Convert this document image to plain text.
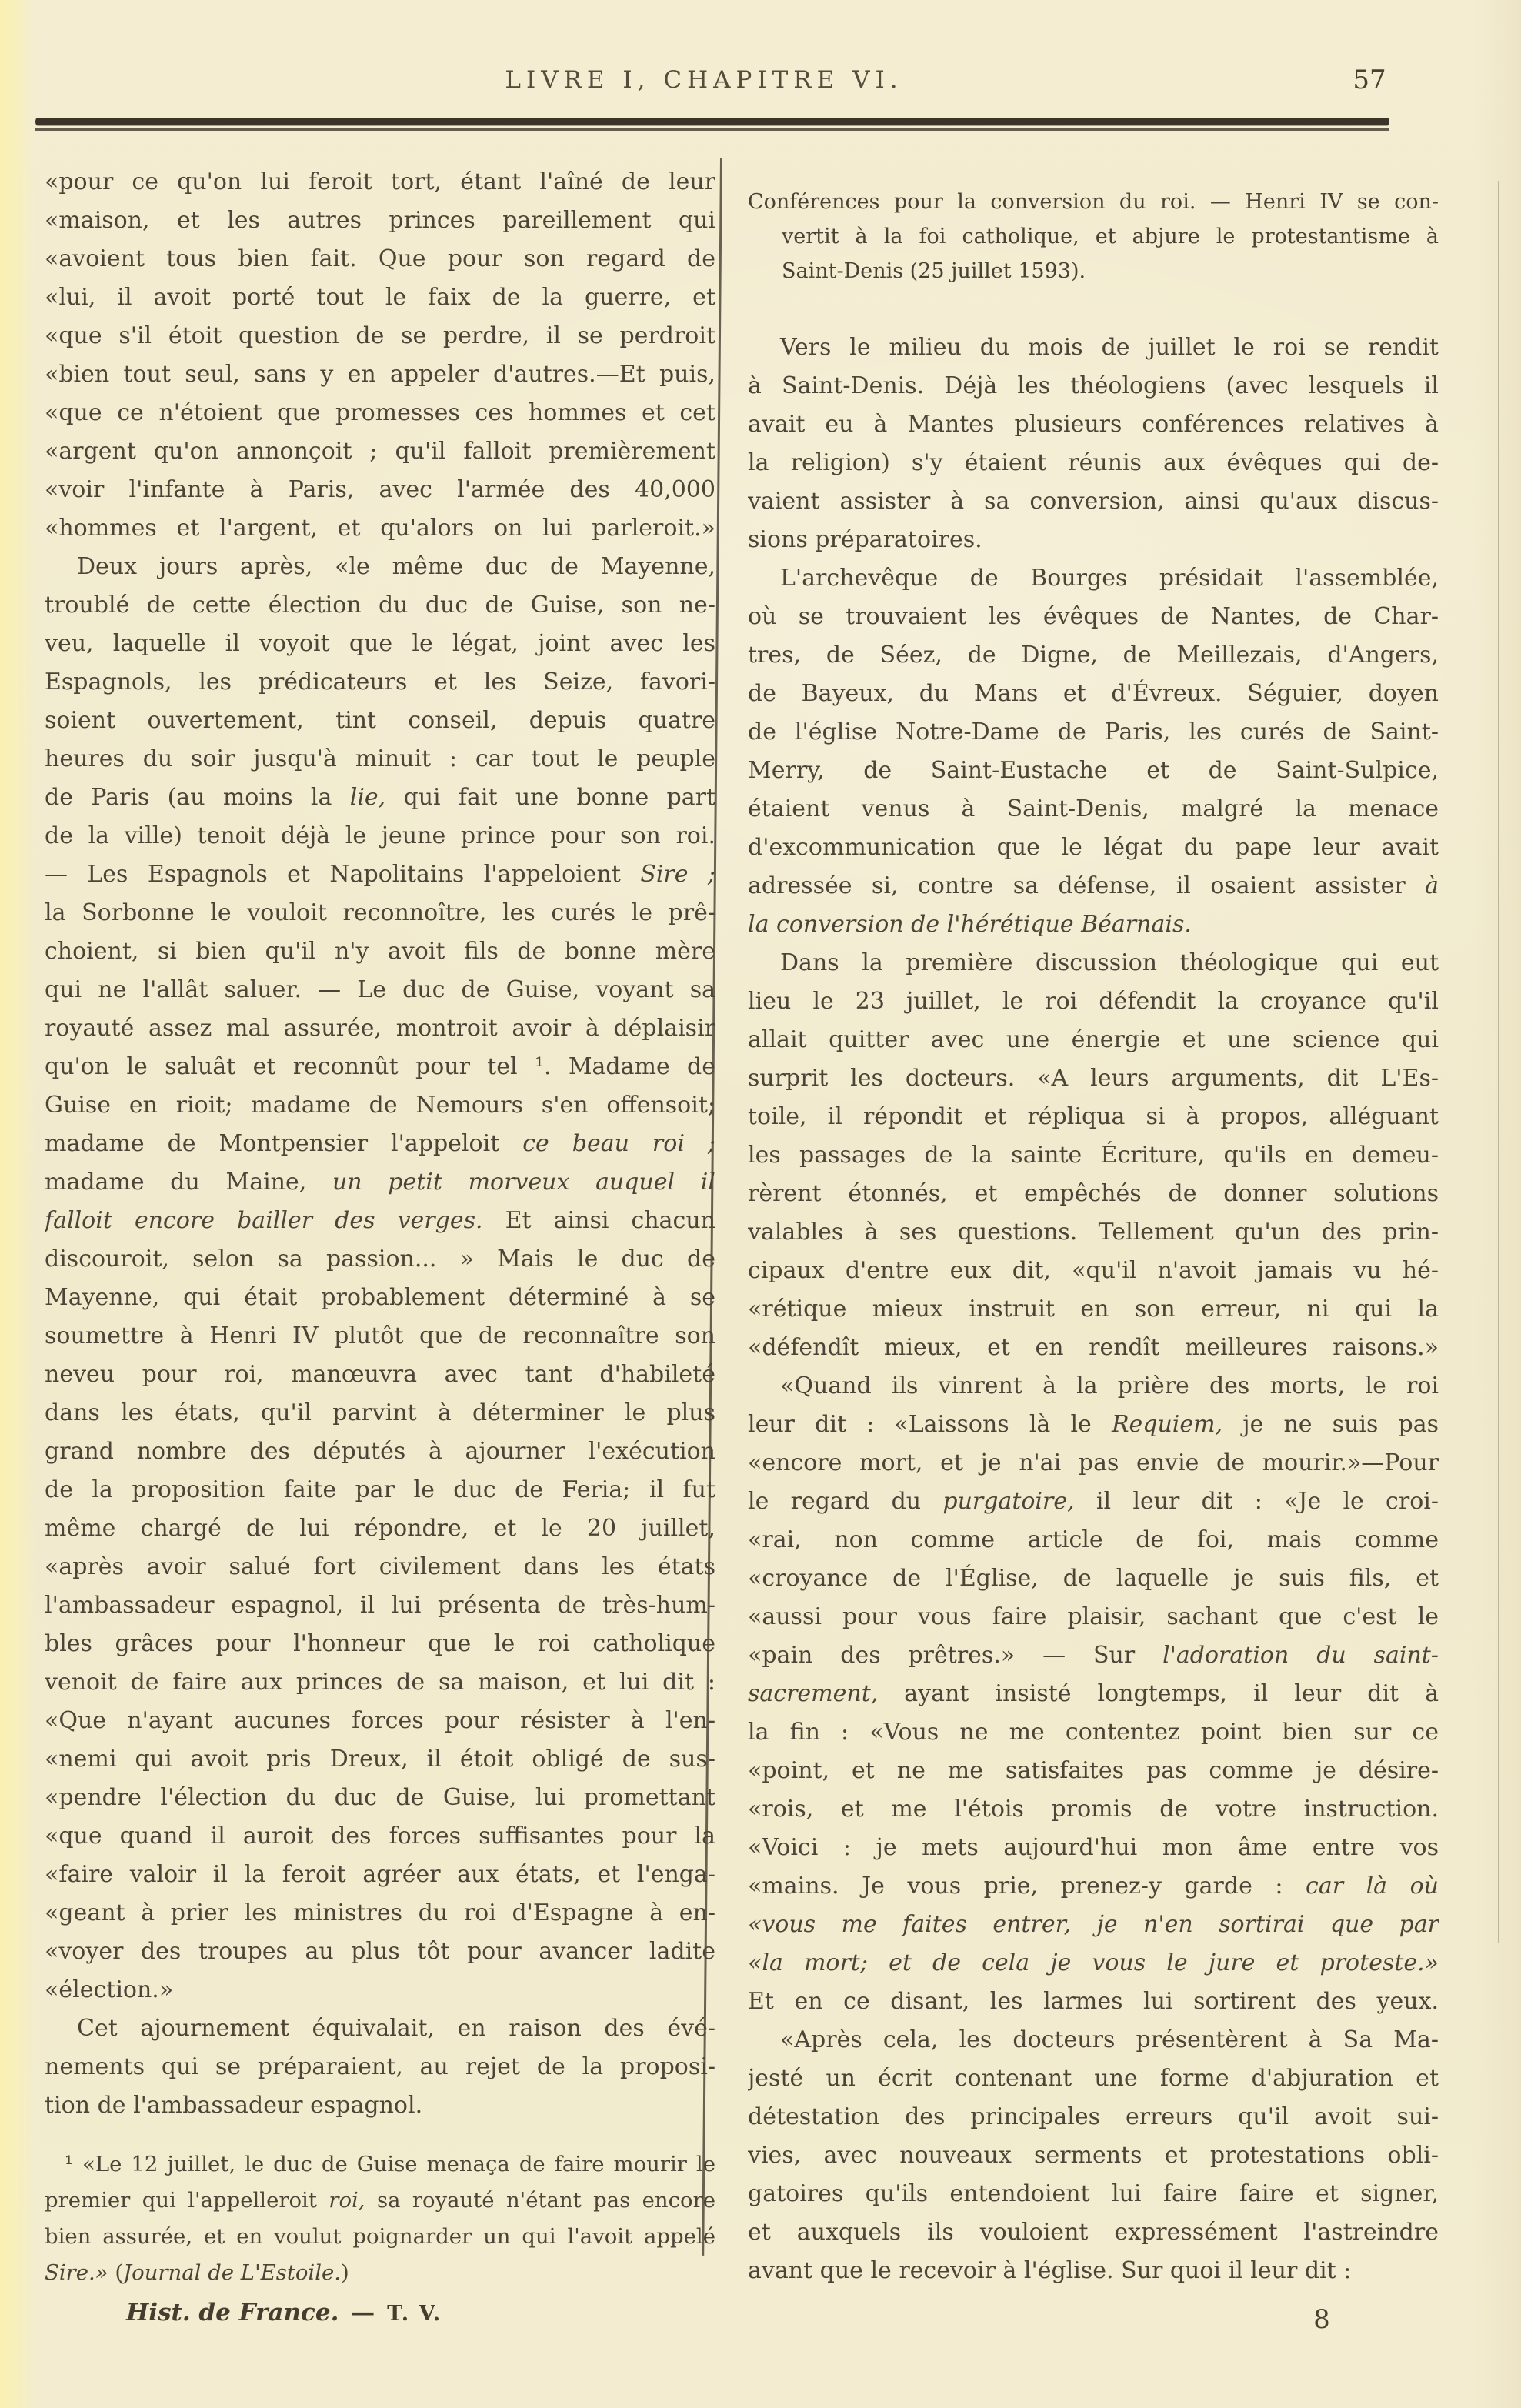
LIVRE I, CHAPITRE VI.	57
«pour ce qu'on lui feroit tort, étant l'aîné de leur
«maison, et les autres princes pareillement qui
«avoient tous bien fait. Que pour son regard de
«lui, il avoit porté tout le faix de la guerre, et
«que s'il étoit question de se perdre, il se perdroit
«bien tout seul, sans y en appeler d'autres.—Et puis,
«que ce n'étoient que promesses ces hommes et cet
«argent qu'on annonçoit ; qu'il falloit premièrement
«voir l'infante à Paris, avec l'armée des 40,000
«hommes et l'argent, et qu'alors on lui parleroit.»
Deux jours après, «le même duc de Mayenne,
troublé de cette élection du duc de Guise, son ne-
veu, laquelle il voyoit que le légat, joint avec les
Espagnols, les prédicateurs et les Seize, favori-
soient ouvertement, tint conseil, depuis quatre
heures du soir jusqu'à minuit : car tout le peuple
de Paris (au moins la lie, qui fait une bonne part
de la ville) tenoit déjà le jeune prince pour son roi.
— Les Espagnols et Napolitains l'appeloient Sire ;
la Sorbonne le vouloit reconnoître, les curés le prê-
choient, si bien qu'il n'y avoit fils de bonne mère
qui ne l'allât saluer. — Le duc de Guise, voyant sa
royauté assez mal assurée, montroit avoir à déplaisir
qu'on le saluât et reconnût pour tel ¹. Madame de
Guise en rioit; madame de Nemours s'en offensoit;
madame de Montpensier l'appeloit ce beau roi ;
madame du Maine, un petit morveux auquel il
falloit encore bailler des verges. Et ainsi chacun
discouroit, selon sa passion... » Mais le duc de
Mayenne, qui était probablement déterminé à se
soumettre à Henri IV plutôt que de reconnaître son
neveu pour roi, manœuvra avec tant d'habileté
dans les états, qu'il parvint à déterminer le plus
grand nombre des députés à ajourner l'exécution
de la proposition faite par le duc de Feria; il fut
même chargé de lui répondre, et le 20 juillet,
«après avoir salué fort civilement dans les états
l'ambassadeur espagnol, il lui présenta de très-hum-
bles grâces pour l'honneur que le roi catholique
venoit de faire aux princes de sa maison, et lui dit :
«Que n'ayant aucunes forces pour résister à l'en-
«nemi qui avoit pris Dreux, il étoit obligé de sus-
«pendre l'élection du duc de Guise, lui promettant
«que quand il auroit des forces suffisantes pour la
«faire valoir il la feroit agréer aux états, et l'enga-
«geant à prier les ministres du roi d'Espagne à en-
«voyer des troupes au plus tôt pour avancer ladite
«élection.»
Cet ajournement équivalait, en raison des évé-
nements qui se préparaient, au rejet de la proposi-
tion de l'ambassadeur espagnol.
¹ «Le 12 juillet, le duc de Guise menaça de faire mourir le
premier qui l'appelleroit roi, sa royauté n'étant pas encore
bien assurée, et en voulut poignarder un qui l'avoit appelé
Sire.» (Journal de L'Estoile.)
Hist. de France. — T. V.
Conférences pour la conversion du roi. — Henri IV se con-
vertit à la foi catholique, et abjure le protestantisme à
Saint-Denis (25 juillet 1593).
Vers le milieu du mois de juillet le roi se rendit
à Saint-Denis. Déjà les théologiens (avec lesquels il
avait eu à Mantes plusieurs conférences relatives à
la religion) s'y étaient réunis aux évêques qui de-
vaient assister à sa conversion, ainsi qu'aux discus-
sions préparatoires.
L'archevêque de Bourges présidait l'assemblée,
où se trouvaient les évêques de Nantes, de Char-
tres, de Séez, de Digne, de Meillezais, d'Angers,
de Bayeux, du Mans et d'Évreux. Séguier, doyen
de l'église Notre-Dame de Paris, les curés de Saint-
Merry, de Saint-Eustache et de Saint-Sulpice,
étaient venus à Saint-Denis, malgré la menace
d'excommunication que le légat du pape leur avait
adressée si, contre sa défense, il osaient assister à
la conversion de l'hérétique Béarnais.
Dans la première discussion théologique qui eut
lieu le 23 juillet, le roi défendit la croyance qu'il
allait quitter avec une énergie et une science qui
surprit les docteurs. «A leurs arguments, dit L'Es-
toile, il répondit et répliqua si à propos, alléguant
les passages de la sainte Écriture, qu'ils en demeu-
rèrent étonnés, et empêchés de donner solutions
valables à ses questions. Tellement qu'un des prin-
cipaux d'entre eux dit, «qu'il n'avoit jamais vu hé-
«rétique mieux instruit en son erreur, ni qui la
«défendît mieux, et en rendît meilleures raisons.»
«Quand ils vinrent à la prière des morts, le roi
leur dit : «Laissons là le Requiem, je ne suis pas
«encore mort, et je n'ai pas envie de mourir.»—Pour
le regard du purgatoire, il leur dit : «Je le croi-
«rai, non comme article de foi, mais comme
«croyance de l'Église, de laquelle je suis fils, et
«aussi pour vous faire plaisir, sachant que c'est le
«pain des prêtres.» — Sur l'adoration du saint-
sacrement, ayant insisté longtemps, il leur dit à
la fin : «Vous ne me contentez point bien sur ce
«point, et ne me satisfaites pas comme je désire-
«rois, et me l'étois promis de votre instruction.
«Voici : je mets aujourd'hui mon âme entre vos
«mains. Je vous prie, prenez-y garde : car là où
«vous me faites entrer, je n'en sortirai que par
«la mort; et de cela je vous le jure et proteste.»
Et en ce disant, les larmes lui sortirent des yeux.
«Après cela, les docteurs présentèrent à Sa Ma-
jesté un écrit contenant une forme d'abjuration et
détestation des principales erreurs qu'il avoit sui-
vies, avec nouveaux serments et protestations obli-
gatoires qu'ils entendoient lui faire faire et signer,
et auxquels ils vouloient expressément l'astreindre
avant que le recevoir à l'église. Sur quoi il leur dit :
8
